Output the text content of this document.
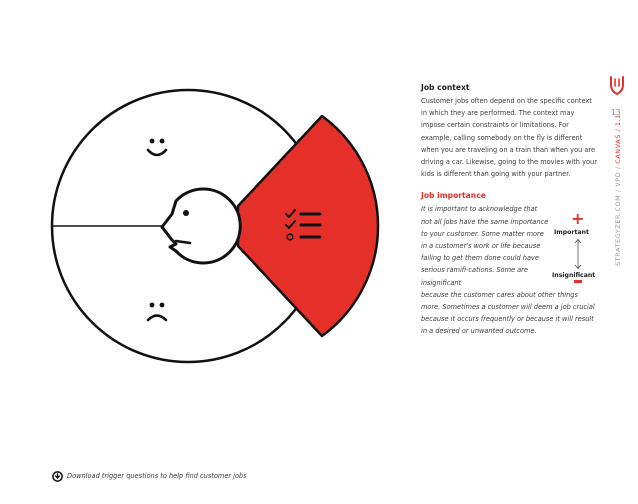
Job context
Customer jobs often depend on the specific context in which they are performed. The context may impose certain constraints or limitations. For example, calling somebody on the fly is different when you are traveling on a train than when you are driving a car. Likewise, going to the movies with your kids is different than going with your partner.
Job importance
It is important to acknowledge that not all jobs have the same importance to your customer. Some matter more in a customer's work or life because failing to get them done could have serious ramifi-cations. Some are insignificant
because the customer cares about other things more. Sometimes a customer will deem a job crucial because it occurs frequently or because it will result in a desired or unwanted outcome.
+
Important
Insignificant
13
STRATEGYZER.COM / VPD / CANVAS / 1.1
Download trigger questions to help find customer jobs
